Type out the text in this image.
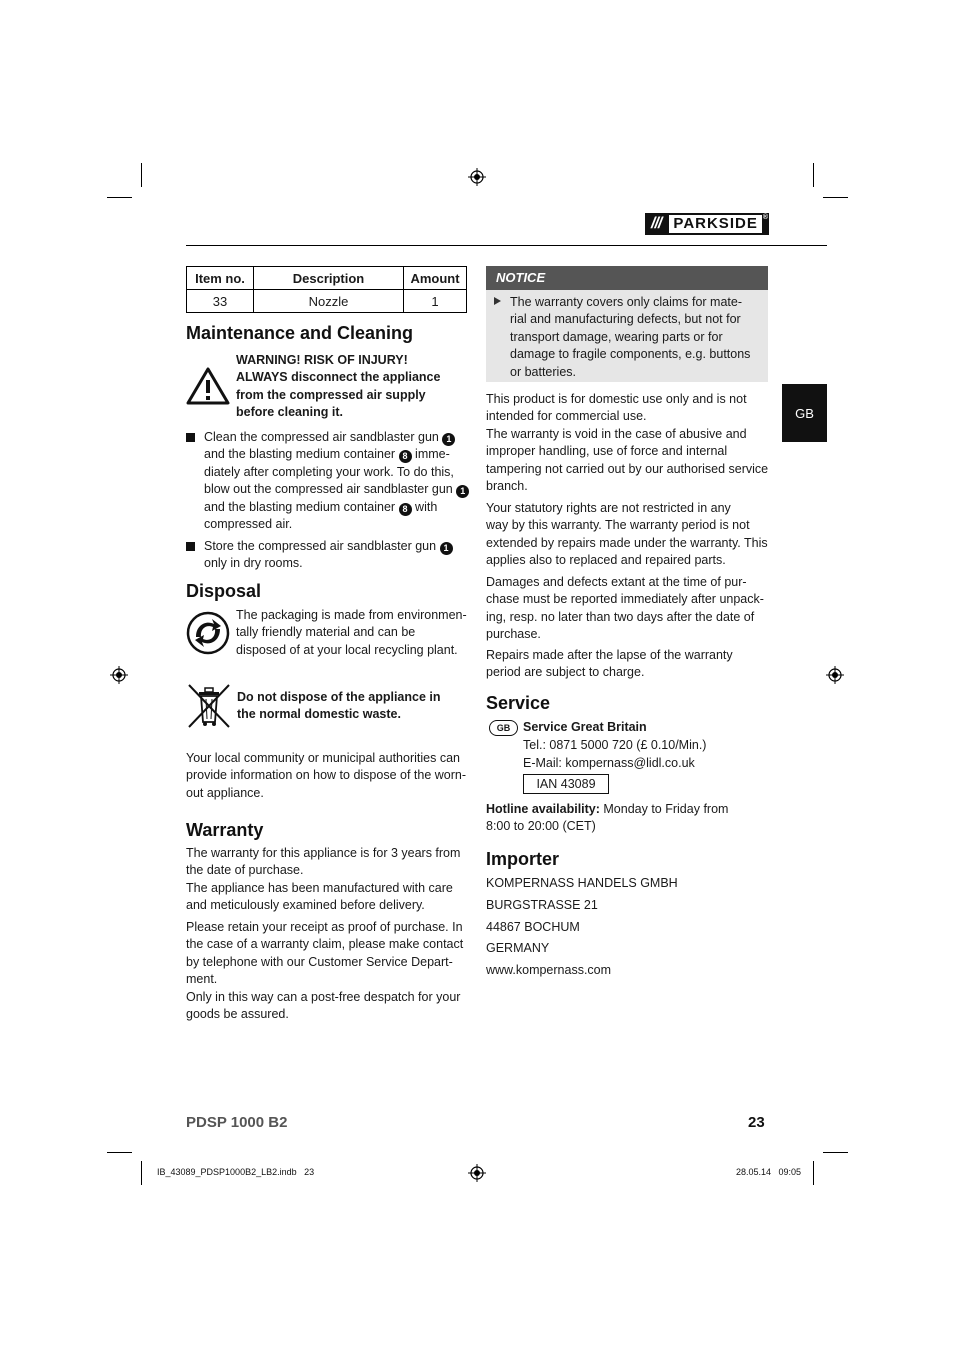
/// PARKSIDE ®
Item no.	Description	Amount
33	Nozzle	1
Maintenance and Cleaning
WARNING! RISK OF INJURY!
ALWAYS disconnect the appliance
from the compressed air supply
before cleaning it.
Clean the compressed air sandblaster gun 1
and the blasting medium container 8 imme-
diately after completing your work. To do this,
blow out the compressed air sandblaster gun 1
and the blasting medium container 8 with
compressed air.
Store the compressed air sandblaster gun 1
only in dry rooms.
Disposal
The packaging is made from environmen-
tally friendly material and can be
disposed of at your local recycling plant.
Do not dispose of the appliance in
the normal domestic waste.
Your local community or municipal authorities can
provide information on how to dispose of the worn-
out appliance.
Warranty
The warranty for this appliance is for 3 years from
the date of purchase.
The appliance has been manufactured with care
and meticulously examined before delivery.
Please retain your receipt as proof of purchase. In
the case of a warranty claim, please make contact
by telephone with our Customer Service Depart-
ment.
Only in this way can a post-free despatch for your
goods be assured.
NOTICE
The warranty covers only claims for mate-
rial and manufacturing defects, but not for
transport damage, wearing parts or for
damage to fragile components, e.g. buttons
or batteries.
GB
This product is for domestic use only and is not
intended for commercial use.
The warranty is void in the case of abusive and
improper handling, use of force and internal
tampering not carried out by our authorised service
branch.
Your statutory rights are not restricted in any
way by this warranty. The warranty period is not
extended by repairs made under the warranty. This
applies also to replaced and repaired parts.
Damages and defects extant at the time of pur-
chase must be reported immediately after unpack-
ing, resp. no later than two days after the date of
purchase.
Repairs made after the lapse of the warranty
period are subject to charge.
Service
GB	Service Great Britain
Tel.: 0871 5000 720 (£ 0.10/Min.)
E-Mail: kompernass@lidl.co.uk
IAN 43089
Hotline availability: Monday to Friday from
8:00 to 20:00 (CET)
Importer
KOMPERNASS HANDELS GMBH
BURGSTRASSE 21
44867 BOCHUM
GERMANY
www.kompernass.com
PDSP 1000 B2	23
IB_43089_PDSP1000B2_LB2.indb   23	28.05.14   09:05
